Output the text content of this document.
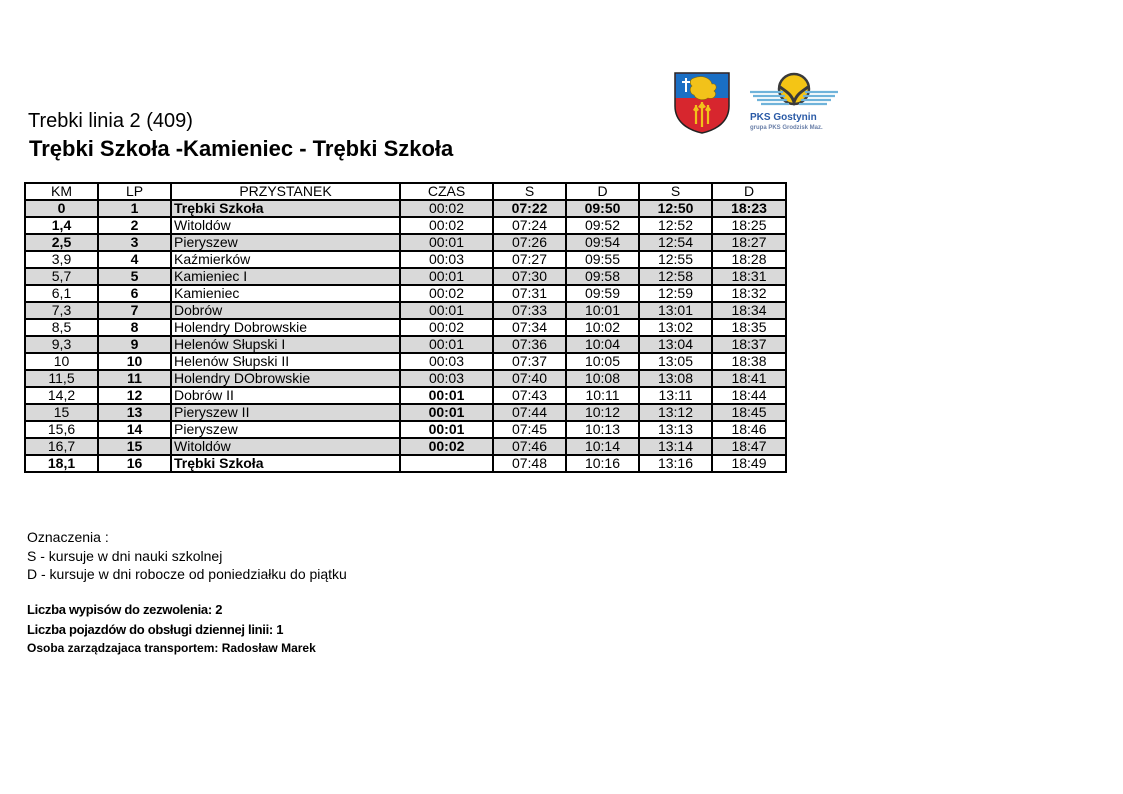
Trebki linia 2 (409)
Trębki Szkoła -Kamieniec - Trębki Szkoła
PKS Gostynin
grupa PKS Grodzisk Maz.
KM	LP	PRZYSTANEK	CZAS	S	D	S	D
0	1	Trębki Szkoła	00:02	07:22	09:50	12:50	18:23
1,4	2	Witoldów	00:02	07:24	09:52	12:52	18:25
2,5	3	Pieryszew	00:01	07:26	09:54	12:54	18:27
3,9	4	Kaźmierków	00:03	07:27	09:55	12:55	18:28
5,7	5	Kamieniec I	00:01	07:30	09:58	12:58	18:31
6,1	6	Kamieniec	00:02	07:31	09:59	12:59	18:32
7,3	7	Dobrów	00:01	07:33	10:01	13:01	18:34
8,5	8	Holendry Dobrowskie	00:02	07:34	10:02	13:02	18:35
9,3	9	Helenów Słupski I	00:01	07:36	10:04	13:04	18:37
10	10	Helenów Słupski II	00:03	07:37	10:05	13:05	18:38
11,5	11	Holendry DObrowskie	00:03	07:40	10:08	13:08	18:41
14,2	12	Dobrów II	00:01	07:43	10:11	13:11	18:44
15	13	Pieryszew II	00:01	07:44	10:12	13:12	18:45
15,6	14	Pieryszew	00:01	07:45	10:13	13:13	18:46
16,7	15	Witoldów	00:02	07:46	10:14	13:14	18:47
18,1	16	Trębki Szkoła		07:48	10:16	13:16	18:49
Oznaczenia :
S - kursuje w dni nauki szkolnej
D - kursuje w dni robocze od poniedziałku do piątku
Liczba wypisów do zezwolenia: 2
Liczba pojazdów do obsługi dziennej linii: 1
Osoba zarządzajaca transportem: Radosław Marek
